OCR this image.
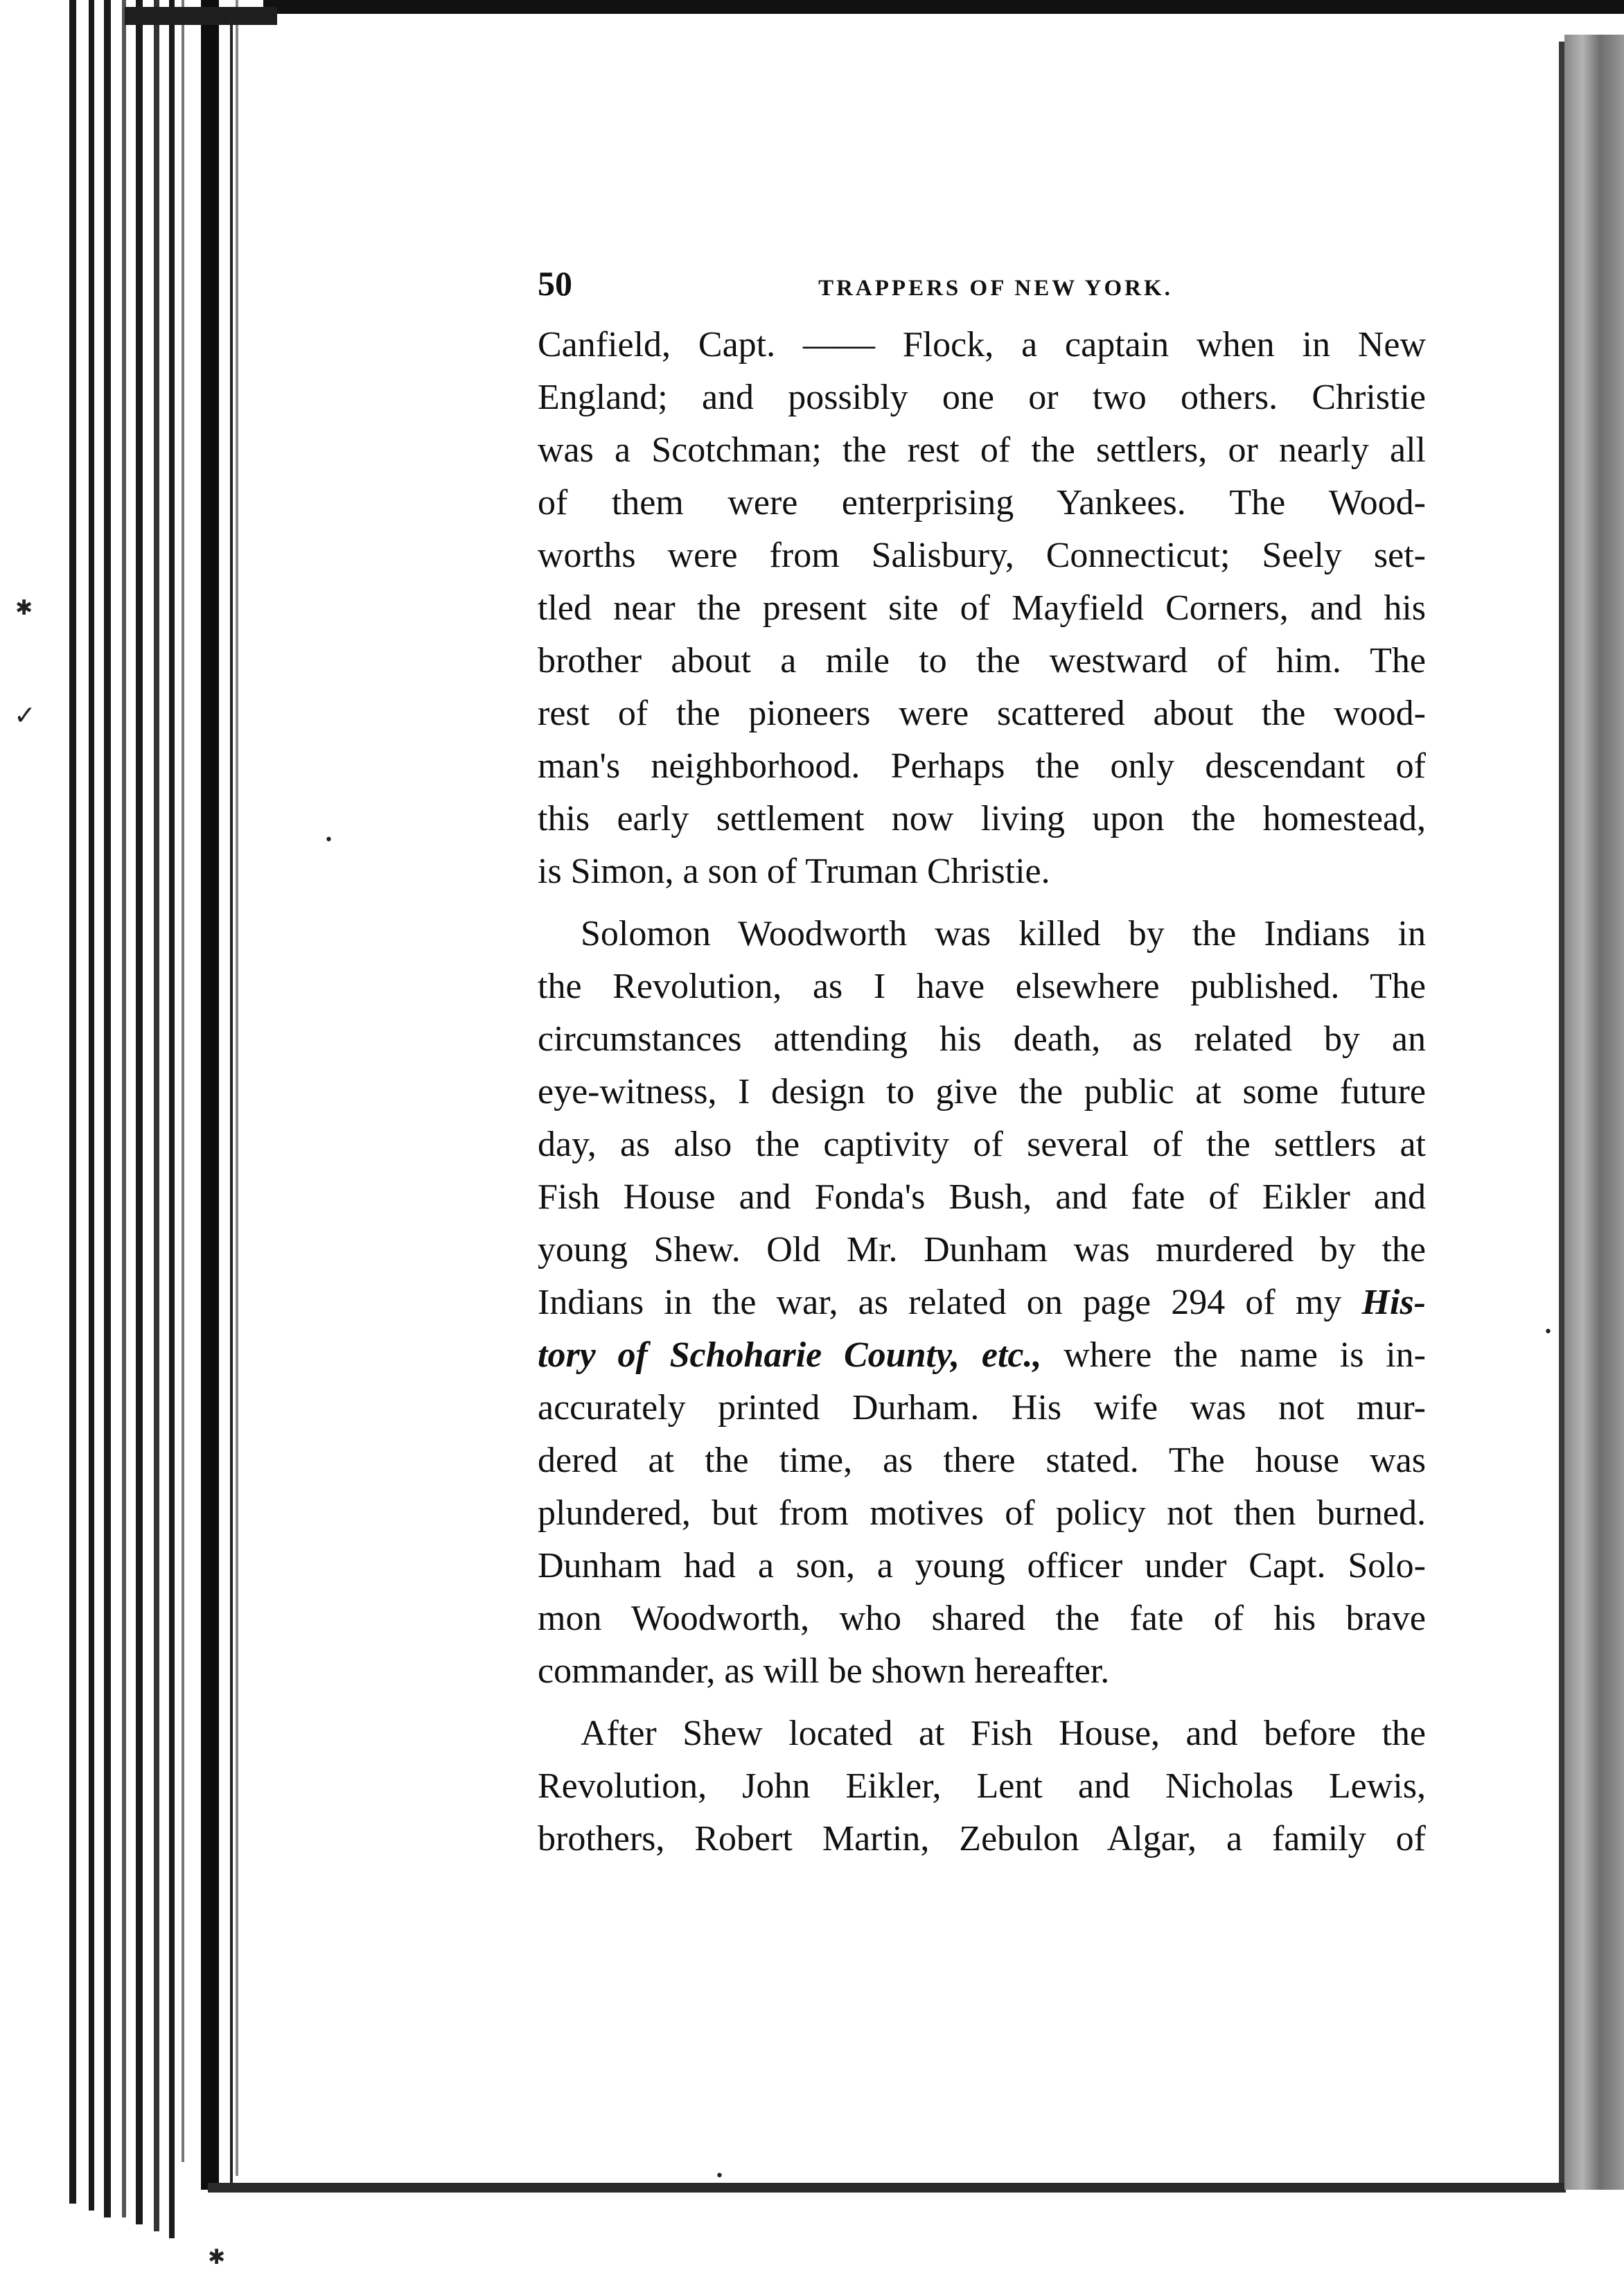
✓
✱
•
•
•
✱
50	TRAPPERS OF NEW YORK.
Canfield, Capt. —— Flock, a captain when in New
England; and possibly one or two others. Christie
was a Scotchman; the rest of the settlers, or nearly all
of them were enterprising Yankees. The Wood-
worths were from Salisbury, Connecticut; Seely set-
tled near the present site of Mayfield Corners, and his
brother about a mile to the westward of him. The
rest of the pioneers were scattered about the wood-
man's neighborhood. Perhaps the only descendant of
this early settlement now living upon the homestead,
is Simon, a son of Truman Christie.
Solomon Woodworth was killed by the Indians in
the Revolution, as I have elsewhere published. The
circumstances attending his death, as related by an
eye-witness, I design to give the public at some future
day, as also the captivity of several of the settlers at
Fish House and Fonda's Bush, and fate of Eikler and
young Shew. Old Mr. Dunham was murdered by the
Indians in the war, as related on page 294 of my His-
tory of Schoharie County, etc., where the name is in-
accurately printed Durham. His wife was not mur-
dered at the time, as there stated. The house was
plundered, but from motives of policy not then burned.
Dunham had a son, a young officer under Capt. Solo-
mon Woodworth, who shared the fate of his brave
commander, as will be shown hereafter.
After Shew located at Fish House, and before the
Revolution, John Eikler, Lent and Nicholas Lewis,
brothers, Robert Martin, Zebulon Algar, a family of
